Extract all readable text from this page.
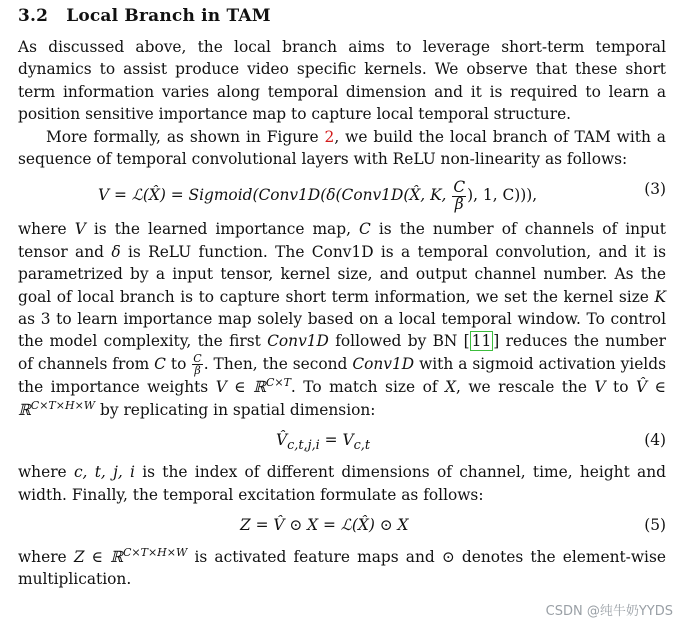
3.2 Local Branch in TAM

As discussed above, the local branch aims to leverage short-term temporal dynamics to assist produce video specific kernels. We observe that these short term information varies along temporal dimension and it is required to learn a position sensitive importance map to capture local temporal structure.

More formally, as shown in Figure 2, we build the local branch of TAM with a sequence of temporal convolutional layers with ReLU non-linearity as follows:

V = ℒ(X̂) = Sigmoid(Conv1D(δ(Conv1D(X̂, K, $\frac{C}{\beta}$ ), 1, C))),	(3)

where V is the learned importance map, C is the number of channels of input tensor and δ is ReLU function. The Conv1D is a temporal convolution, and it is parametrized by a input tensor, kernel size, and output channel number. As the goal of local branch is to capture short term information, we set the kernel size K as 3 to learn importance map solely based on a local temporal window. To control the model complexity, the first Conv1D followed by BN [ 11 ] reduces the number of channels from C to $\frac{C}{\beta}$ . Then, the second Conv1D with a sigmoid activation yields the importance weights V ∈ ℝ$^{C\times T}$. To match size of X, we rescale the V to V̂ ∈ ℝ$^{C\times T\times H\times W}$ by replicating in spatial dimension:

$V̂_{c,t,j,i} = V_{c,t}$	(4)

where c, t, j, i is the index of different dimensions of channel, time, height and width. Finally, the temporal excitation formulate as follows:

Z = V̂ ⊙ X = ℒ(X̂) ⊙ X	(5)

where Z ∈ ℝ$^{C\times T\times H\times W}$ is activated feature maps and ⊙ denotes the element-wise multiplication.

CSDN @纯牛奶YYDS
